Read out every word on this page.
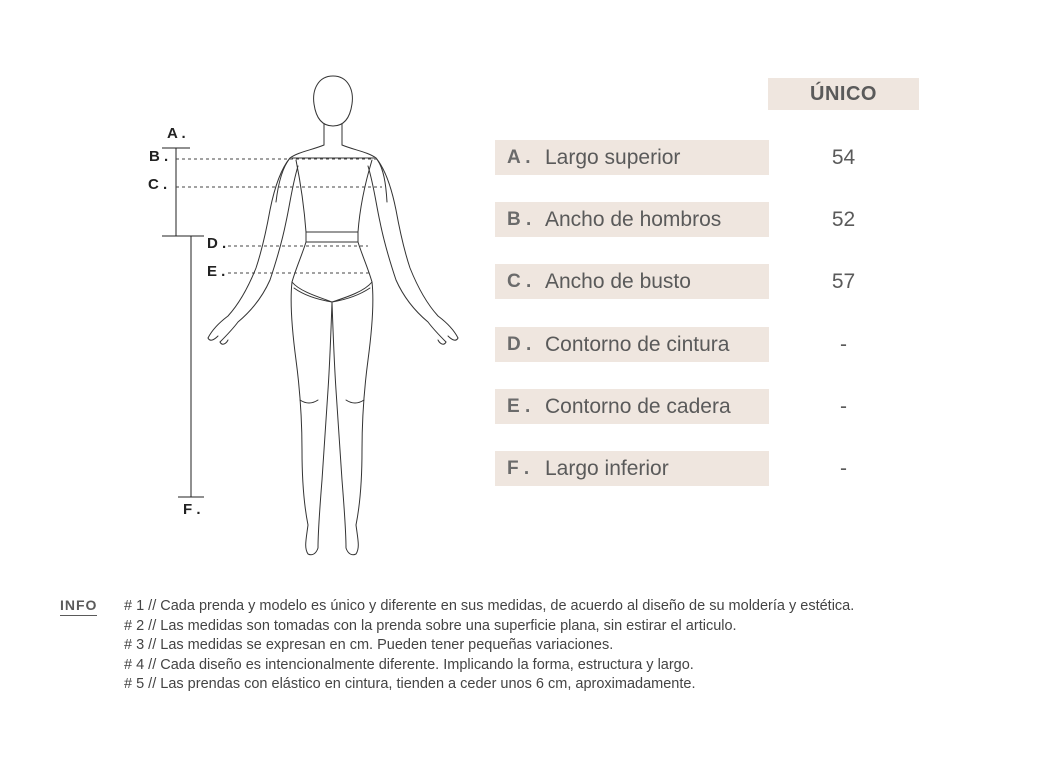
A .
B .
C .
D .
E .
F .
ÚNICO
A . Largo superior	54
B . Ancho de hombros	52
C . Ancho de busto	57
D . Contorno de cintura	-
E . Contorno de cadera	-
F . Largo inferior	-
INFO # 1 // Cada prenda y modelo es único y diferente en sus medidas, de acuerdo al diseño de su moldería y estética.
# 2 // Las medidas son tomadas con la prenda sobre una superficie plana, sin estirar el articulo.
# 3 // Las medidas se expresan en cm. Pueden tener pequeñas variaciones.
# 4 // Cada diseño es intencionalmente diferente. Implicando la forma, estructura y largo.
# 5 // Las prendas con elástico en cintura, tienden a ceder unos 6 cm, aproximadamente.
